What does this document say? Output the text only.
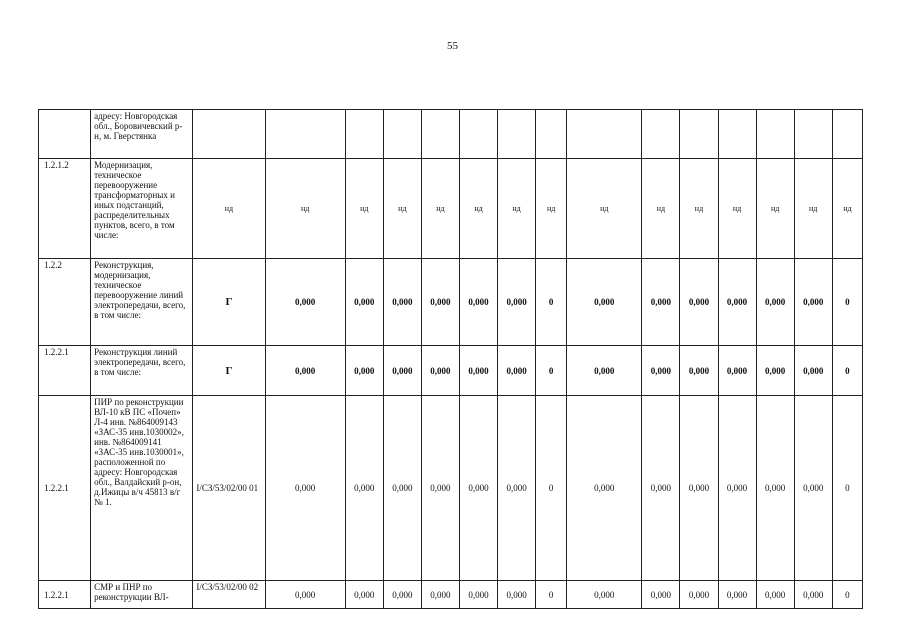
55
	адресу: Новгородская обл., Боровичевский р-н, м. Гверстянка															
1.2.1.2	Модернизация, техническое перевооружение трансформаторных и иных подстанций, распределительных пунктов, всего, в том числе:	нд	нд	нд	нд	нд	нд	нд	нд	нд	нд	нд	нд	нд	нд	нд
1.2.2	Реконструкция, модернизация, техническое перевооружение линий электропередачи, всего, в том числе:	Г	0,000	0,000	0,000	0,000	0,000	0,000	0	0,000	0,000	0,000	0,000	0,000	0,000	0
1.2.2.1	Реконструкция линий электропередачи, всего, в том числе:	Г	0,000	0,000	0,000	0,000	0,000	0,000	0	0,000	0,000	0,000	0,000	0,000	0,000	0
1.2.2.1	ПИР по реконструкции ВЛ-10 кВ ПС «Почеп» Л-4 инв. №864009143 «ЗАС-35 инв.1030002», инв. №864009141 «ЗАС-35 инв.1030001», расположенной по адресу: Новгородская обл., Валдайский р-он, д.Ижицы в/ч 45813 в/г № 1.	I/СЗ/53/02/00 01	0,000	0,000	0,000	0,000	0,000	0,000	0	0,000	0,000	0,000	0,000	0,000	0,000	0
1.2.2.1	СМР и ПНР по реконструкции ВЛ-	I/СЗ/53/02/00 02	0,000	0,000	0,000	0,000	0,000	0,000	0	0,000	0,000	0,000	0,000	0,000	0,000	0
